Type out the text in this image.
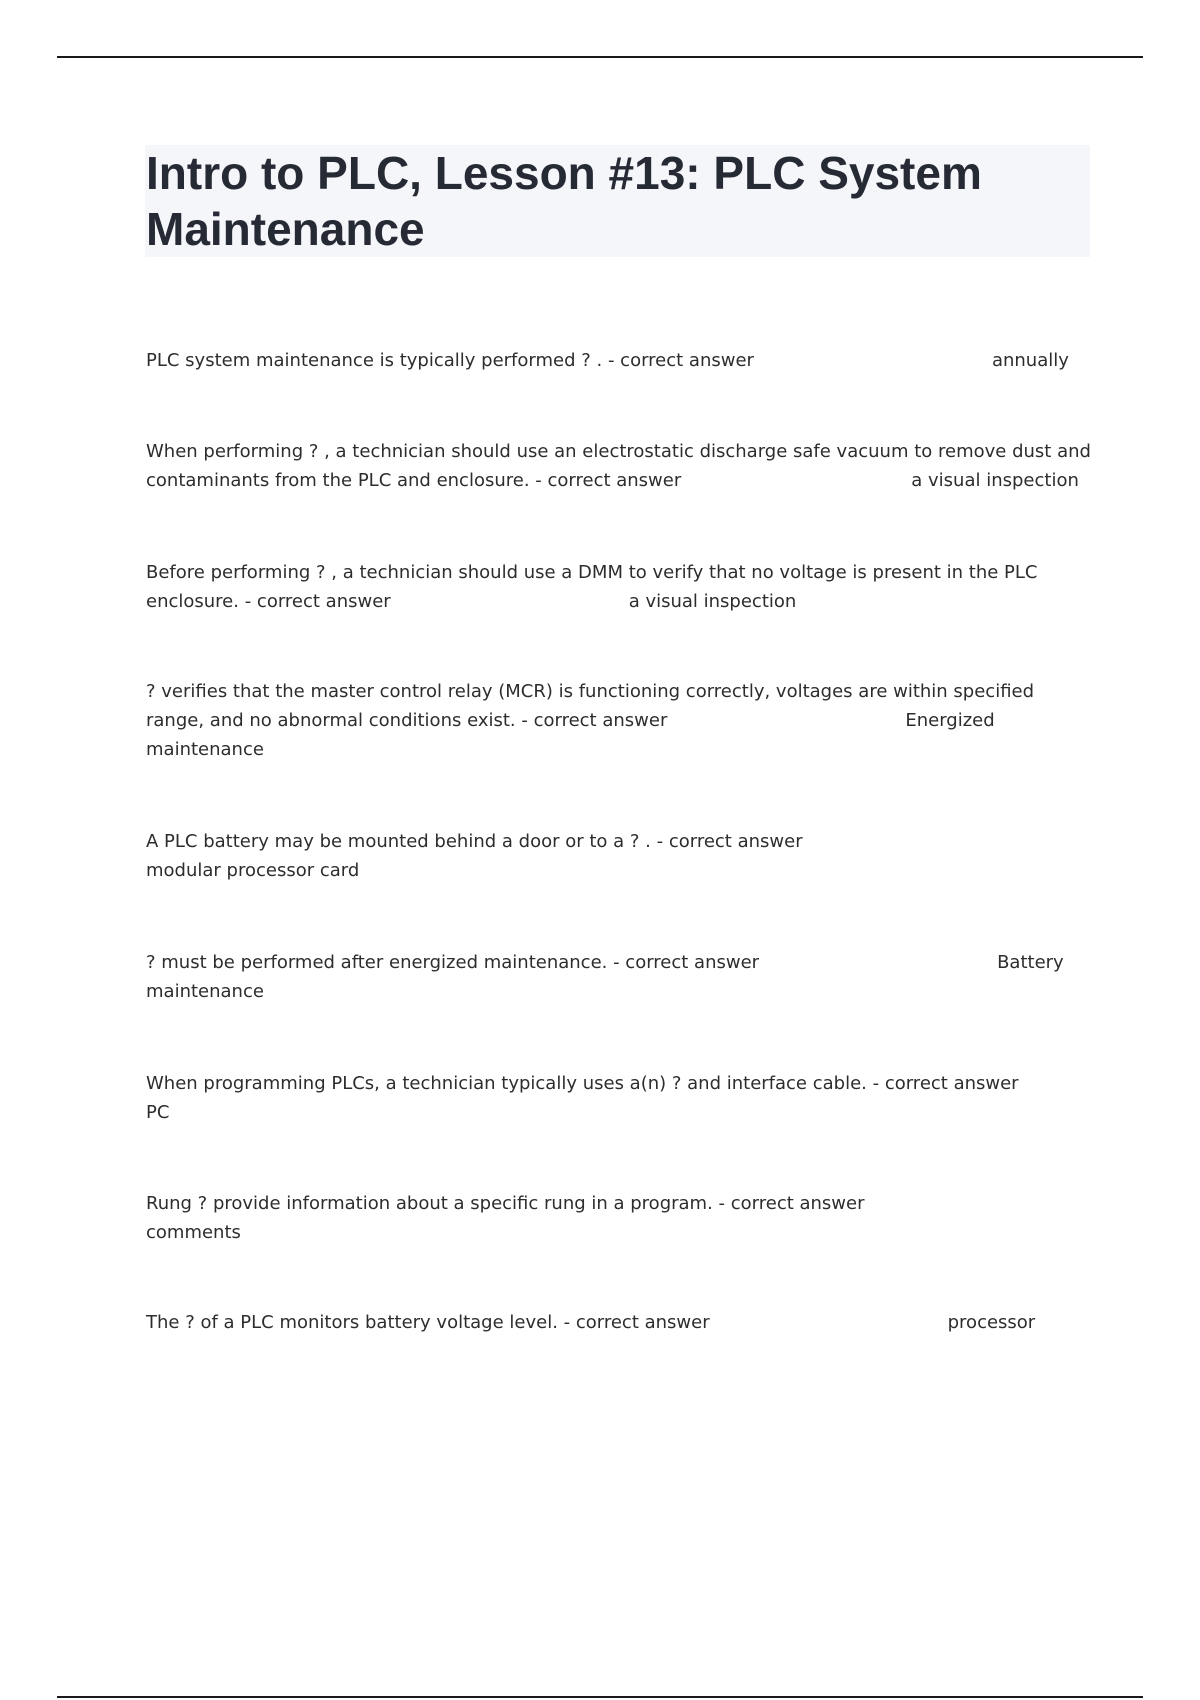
Intro to PLC, Lesson #13: PLC System Maintenance
PLC system maintenance is typically performed ? . - correct answer	annually
When performing ? , a technician should use an electrostatic discharge safe vacuum to remove dust and contaminants from the PLC and enclosure. - correct answer	a visual inspection
Before performing ? , a technician should use a DMM to verify that no voltage is present in the PLC enclosure. - correct answer	a visual inspection
? verifies that the master control relay (MCR) is functioning correctly, voltages are within specified range, and no abnormal conditions exist. - correct answer	Energized maintenance
A PLC battery may be mounted behind a door or to a ? . - correct answer
modular processor card
? must be performed after energized maintenance. - correct answer	Battery maintenance
When programming PLCs, a technician typically uses a(n) ? and interface cable. - correct answer
PC
Rung ? provide information about a specific rung in a program. - correct answer
comments
The ? of a PLC monitors battery voltage level. - correct answer	processor
